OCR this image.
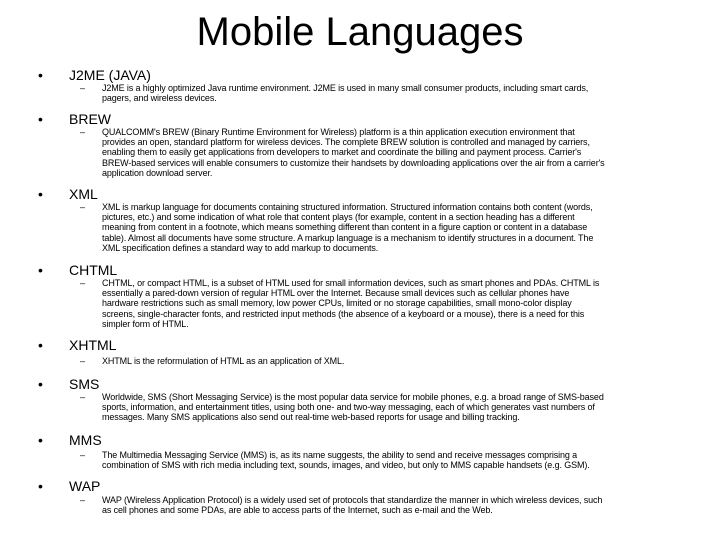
Mobile Languages
• J2ME (JAVA)
– J2ME is a highly optimized Java runtime environment. J2ME is used in many small consumer products, including smart cards,
pagers, and wireless devices.
• BREW
– QUALCOMM's BREW (Binary Runtime Environment for Wireless) platform is a thin application execution environment that
provides an open, standard platform for wireless devices. The complete BREW solution is controlled and managed by carriers,
enabling them to easily get applications from developers to market and coordinate the billing and payment process. Carrier's
BREW-based services will enable consumers to customize their handsets by downloading applications over the air from a carrier's
application download server.
• XML
– XML is markup language for documents containing structured information. Structured information contains both content (words,
pictures, etc.) and some indication of what role that content plays (for example, content in a section heading has a different
meaning from content in a footnote, which means something different than content in a figure caption or content in a database
table). Almost all documents have some structure. A markup language is a mechanism to identify structures in a document. The
XML specification defines a standard way to add markup to documents.
• CHTML
– CHTML, or compact HTML, is a subset of HTML used for small information devices, such as smart phones and PDAs. CHTML is
essentially a pared-down version of regular HTML over the Internet. Because small devices such as cellular phones have
hardware restrictions such as small memory, low power CPUs, limited or no storage capabilities, small mono-color display
screens, single-character fonts, and restricted input methods (the absence of a keyboard or a mouse), there is a need for this
simpler form of HTML.
• XHTML
– XHTML is the reformulation of HTML as an application of XML.
• SMS
– Worldwide, SMS (Short Messaging Service) is the most popular data service for mobile phones, e.g. a broad range of SMS-based
sports, information, and entertainment titles, using both one- and two-way messaging, each of which generates vast numbers of
messages. Many SMS applications also send out real-time web-based reports for usage and billing tracking.
• MMS
– The Multimedia Messaging Service (MMS) is, as its name suggests, the ability to send and receive messages comprising a
combination of SMS with rich media including text, sounds, images, and video, but only to MMS capable handsets (e.g. GSM).
• WAP
– WAP (Wireless Application Protocol) is a widely used set of protocols that standardize the manner in which wireless devices, such
as cell phones and some PDAs, are able to access parts of the Internet, such as e-mail and the Web.
